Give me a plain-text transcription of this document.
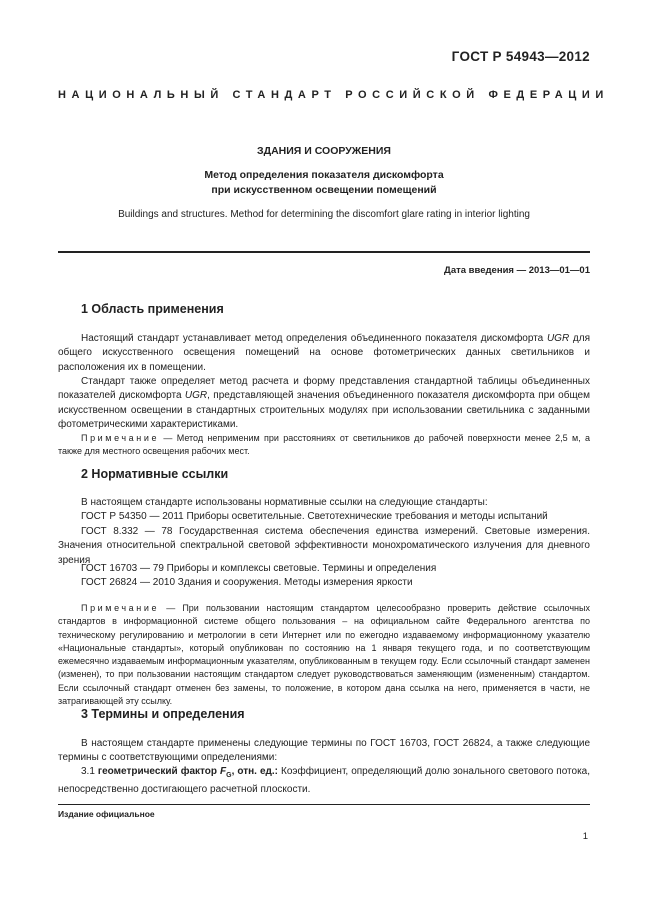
ГОСТ Р 54943—2012
НАЦИОНАЛЬНЫЙ СТАНДАРТ РОССИЙСКОЙ ФЕДЕРАЦИИ
ЗДАНИЯ И СООРУЖЕНИЯ
Метод определения показателя дискомфорта
при искусственном освещении помещений
Buildings and structures. Method for determining the discomfort glare rating in interior lighting
Дата введения — 2013—01—01
1 Область применения

Настоящий стандарт устанавливает метод определения объединенного показателя дискомфорта UGR для общего искусственного освещения помещений на основе фотометрических данных светильников и расположения их в помещении.

Стандарт также определяет метод расчета и форму представления стандартной таблицы объединенных показателей дискомфорта UGR, представляющей значения объединенного показателя дискомфорта при общем искусственном освещении в стандартных строительных модулях при использовании светильника с заданными фотометрическими характеристиками.

Примечание — Метод неприменим при расстояниях от светильников до рабочей поверхности менее 2,5 м, а также для местного освещения рабочих мест.

2 Нормативные ссылки
В настоящем стандарте использованы нормативные ссылки на следующие стандарты:
ГОСТ Р 54350 — 2011 Приборы осветительные. Светотехнические требования и методы испытаний

ГОСТ 8.332 — 78 Государственная система обеспечения единства измерений. Световые измерения. Значения относительной спектральной световой эффективности монохроматического излучения для дневного зрения

ГОСТ 16703 — 79 Приборы и комплексы световые. Термины и определения
ГОСТ 26824 — 2010 Здания и сооружения. Методы измерения яркости

Примечание — При пользовании настоящим стандартом целесообразно проверить действие ссылочных стандартов в информационной системе общего пользования – на официальном сайте Федерального агентства по техническому регулированию и метрологии в сети Интернет или по ежегодно издаваемому информационному указателю «Национальные стандарты», который опубликован по состоянию на 1 января текущего года, и по соответствующим ежемесячно издаваемым информационным указателям, опубликованным в текущем году. Если ссылочный стандарт заменен (изменен), то при пользовании настоящим стандартом следует руководствоваться заменяющим (измененным) стандартом. Если ссылочный стандарт отменен без замены, то положение, в котором дана ссылка на него, применяется в части, не затрагивающей эту ссылку.

3 Термины и определения

В настоящем стандарте применены следующие термины по ГОСТ 16703, ГОСТ 26824, а также следующие термины с соответствующими определениями:

3.1 геометрический фактор $F_G$, отн. ед.: Коэффициент, определяющий долю зонального светового потока, непосредственно достигающего расчетной плоскости.

Издание официальное
1
